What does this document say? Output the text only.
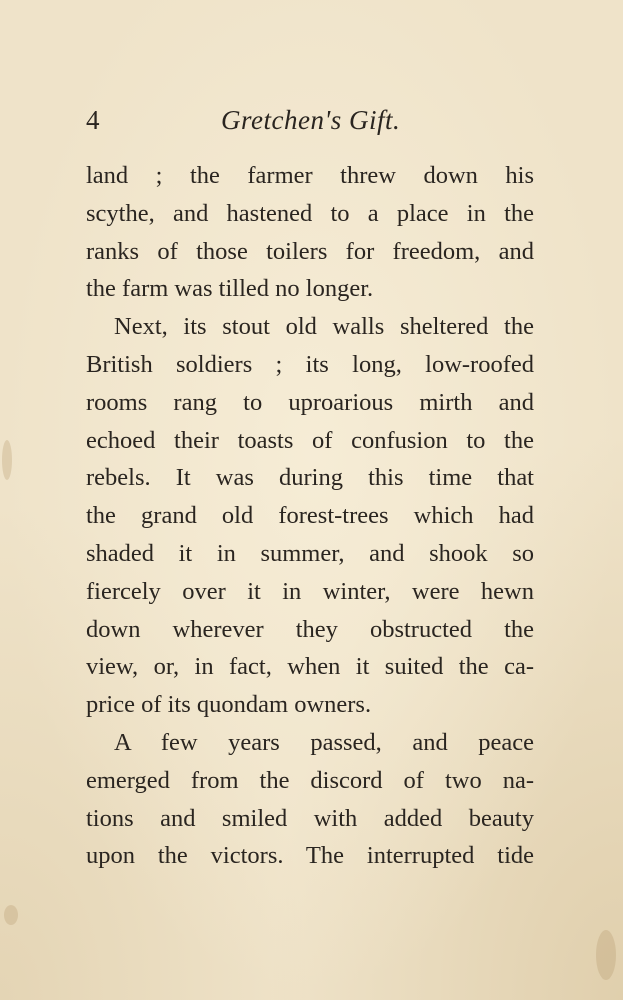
4	Gretchen's Gift.
land ; the farmer threw down his
scythe, and hastened to a place in the
ranks of those toilers for freedom, and
the farm was tilled no longer.
Next, its stout old walls sheltered the
British soldiers ; its long, low-roofed
rooms rang to uproarious mirth and
echoed their toasts of confusion to the
rebels. It was during this time that
the grand old forest-trees which had
shaded it in summer, and shook so
fiercely over it in winter, were hewn
down wherever they obstructed the
view, or, in fact, when it suited the ca-
price of its quondam owners.
A few years passed, and peace
emerged from the discord of two na-
tions and smiled with added beauty
upon the victors. The interrupted tide
